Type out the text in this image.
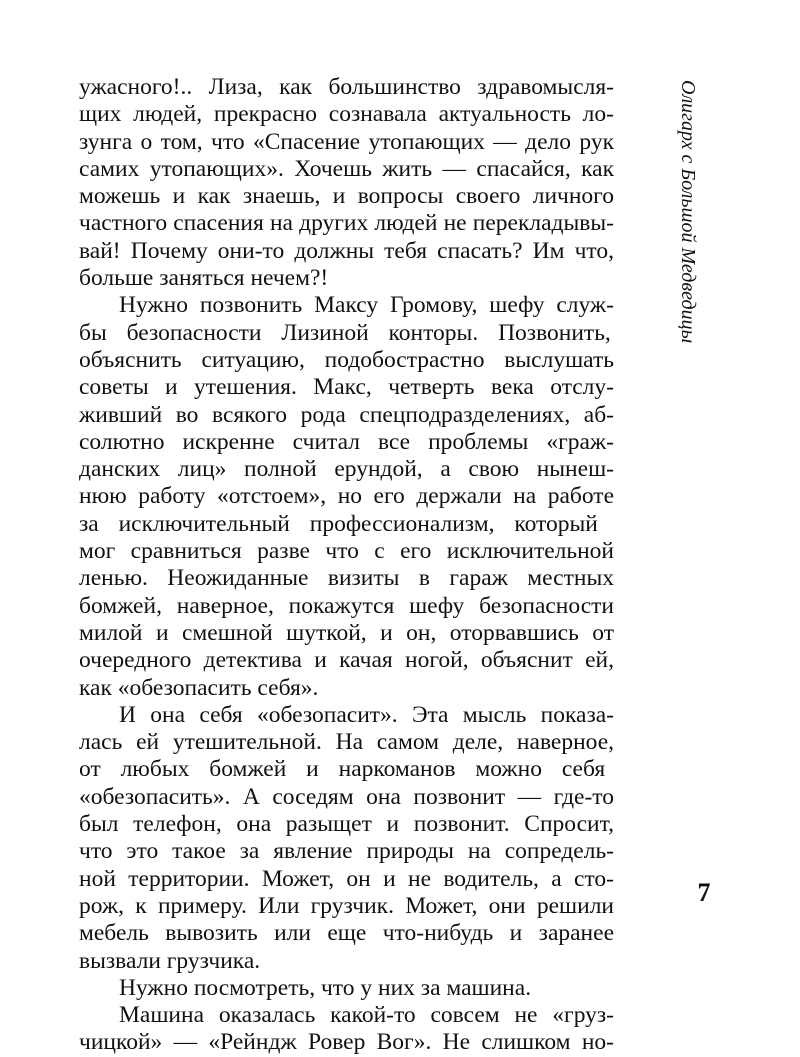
ужасного!.. Лиза, как большинство здравомысля-
щих людей, прекрасно сознавала актуальность ло-
зунга о том, что «Спасение утопающих — дело рук
самих утопающих». Хочешь жить — спасайся, как
можешь и как знаешь, и вопросы своего личного
частного спасения на других людей не перекладывы-
вай! Почему они-то должны тебя спасать? Им что,
больше заняться нечем?!
Нужно позвонить Максу Громову, шефу служ-
бы безопасности Лизиной конторы. Позвонить,
объяснить ситуацию, подобострастно выслушать
советы и утешения. Макс, четверть века отслу-
живший во всякого рода спецподразделениях, аб-
солютно искренне считал все проблемы «граж-
данских лиц» полной ерундой, а свою нынеш-
нюю работу «отстоем», но его держали на работе
за исключительный профессионализм, который
мог сравниться разве что с его исключительной
ленью. Неожиданные визиты в гараж местных
бомжей, наверное, покажутся шефу безопасности
милой и смешной шуткой, и он, оторвавшись от
очередного детектива и качая ногой, объяснит ей,
как «обезопасить себя».
И она себя «обезопасит». Эта мысль показа-
лась ей утешительной. На самом деле, наверное,
от любых бомжей и наркоманов можно себя
«обезопасить». А соседям она позвонит — где-то
был телефон, она разыщет и позвонит. Спросит,
что это такое за явление природы на сопредель-
ной территории. Может, он и не водитель, а сто-
рож, к примеру. Или грузчик. Может, они решили
мебель вывозить или еще что-нибудь и заранее
вызвали грузчика.
Нужно посмотреть, что у них за машина.
Машина оказалась какой-то совсем не «груз-
чицкой» — «Рейндж Ровер Вог». Не слишком но-
Олигарх с Большой Медведицы
7
